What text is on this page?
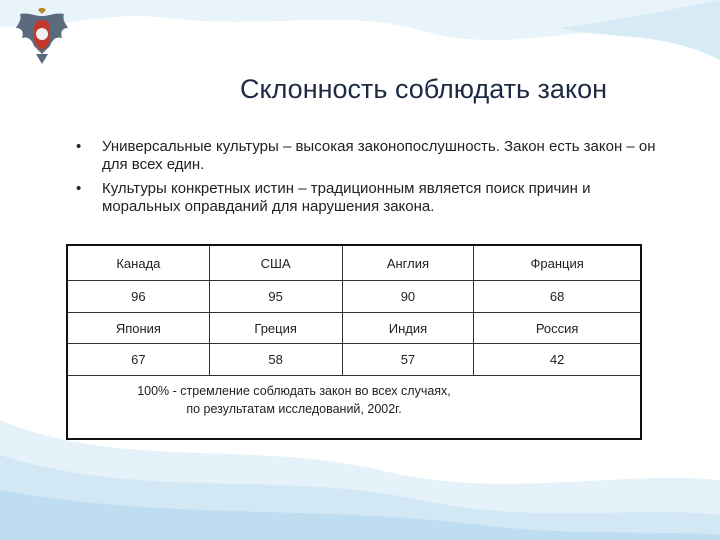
Склонность соблюдать закон
• Универсальные культуры – высокая законопослушность. Закон есть закон – он для всех един.
• Культуры конкретных истин – традиционным является поиск причин и моральных оправданий для нарушения закона.
Канада	США	Англия	Франция
96	95	90	68
Япония	Греция	Индия	Россия
67	58	57	42
100% - стремление соблюдать закон во всех случаях,
по результатам исследований, 2002г.			
